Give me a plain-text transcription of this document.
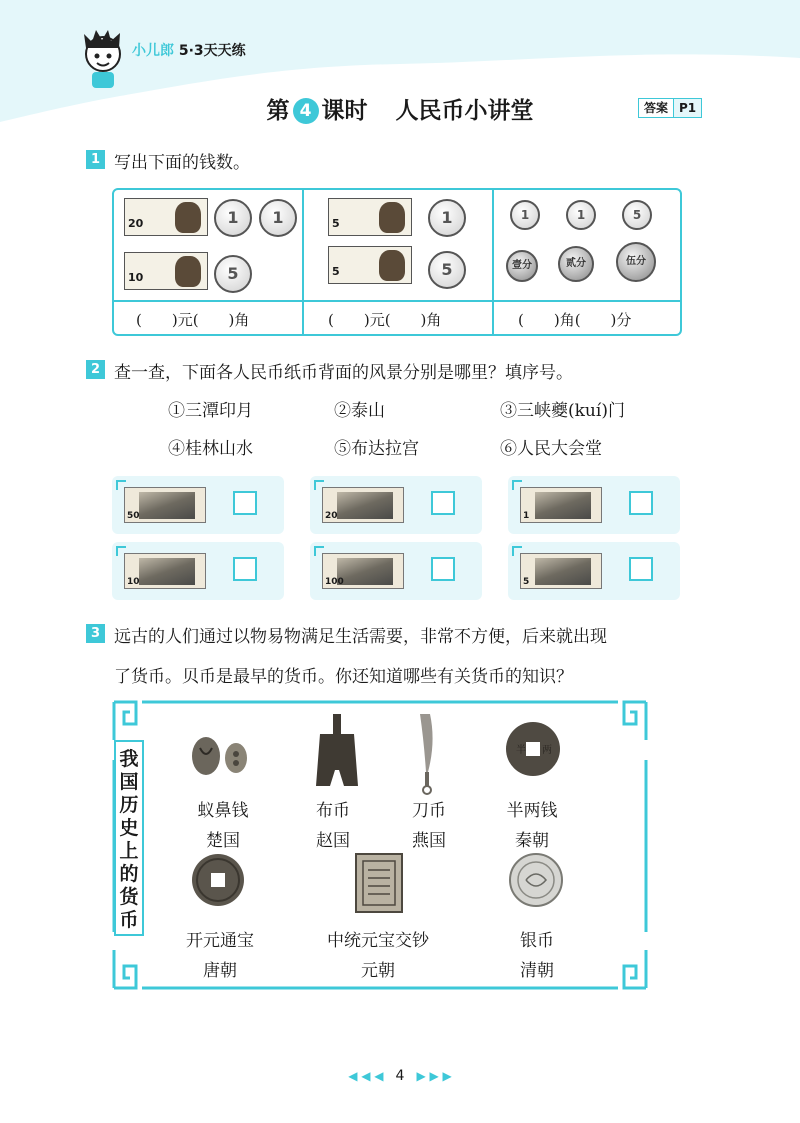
小儿郎 5·3天天练
第 4 课时 人民币小讲堂	答案 P1
1 写出下面的钱数。
20	1	1
10	5
(　　)元(　　)角
5	1
5	5
(　　)元(　　)角
1	1	5
壹分	贰分	伍分
(　　)角(　　)分
2 查一查，下面各人民币纸币背面的风景分别是哪里？填序号。
①三潭印月	②泰山	③三峡夔(kuí)门
④桂林山水	⑤布达拉宫	⑥人民大会堂
50	20	1
10	100	5
3 远古的人们通过以物易物满足生活需要，非常不方便，后来就出现
了货币。贝币是最早的货币。你还知道哪些有关货币的知识？
我
国
历
史
上
的
货
币
半 两
蚁鼻钱
楚国
布币
赵国
刀币
燕国
半两钱
秦朝
开元通宝
唐朝
中统元宝交钞
元朝
银币
清朝
◀ ◀ ◀ 4 ▶ ▶ ▶
